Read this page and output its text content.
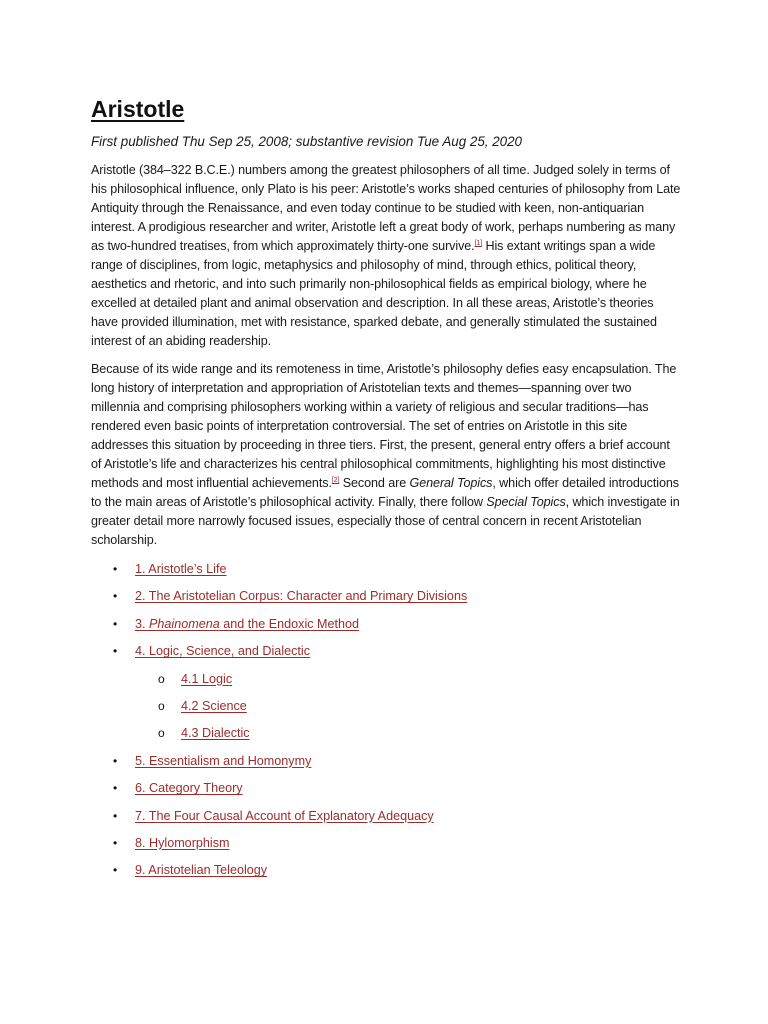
Aristotle
First published Thu Sep 25, 2008; substantive revision Tue Aug 25, 2020

Aristotle (384–322 B.C.E.) numbers among the greatest philosophers of all time. Judged solely in terms of his philosophical influence, only Plato is his peer: Aristotle’s works shaped centuries of philosophy from Late Antiquity through the Renaissance, and even today continue to be studied with keen, non-antiquarian interest. A prodigious researcher and writer, Aristotle left a great body of work, perhaps numbering as many as two-hundred treatises, from which approximately thirty-one survive.[1] His extant writings span a wide range of disciplines, from logic, metaphysics and philosophy of mind, through ethics, political theory, aesthetics and rhetoric, and into such primarily non-philosophical fields as empirical biology, where he excelled at detailed plant and animal observation and description. In all these areas, Aristotle’s theories have provided illumination, met with resistance, sparked debate, and generally stimulated the sustained interest of an abiding readership.

Because of its wide range and its remoteness in time, Aristotle’s philosophy defies easy encapsulation. The long history of interpretation and appropriation of Aristotelian texts and themes—spanning over two millennia and comprising philosophers working within a variety of religious and secular traditions—has rendered even basic points of interpretation controversial. The set of entries on Aristotle in this site addresses this situation by proceeding in three tiers. First, the present, general entry offers a brief account of Aristotle’s life and characterizes his central philosophical commitments, highlighting his most distinctive methods and most influential achievements.[2] Second are General Topics, which offer detailed introductions to the main areas of Aristotle’s philosophical activity. Finally, there follow Special Topics, which investigate in greater detail more narrowly focused issues, especially those of central concern in recent Aristotelian scholarship.

• 1. Aristotle’s Life
• 2. The Aristotelian Corpus: Character and Primary Divisions
• 3. Phainomena and the Endoxic Method
• 4. Logic, Science, and Dialectic
o 4.1 Logic
o 4.2 Science
o 4.3 Dialectic
• 5. Essentialism and Homonymy
• 6. Category Theory
• 7. The Four Causal Account of Explanatory Adequacy
• 8. Hylomorphism
• 9. Aristotelian Teleology
